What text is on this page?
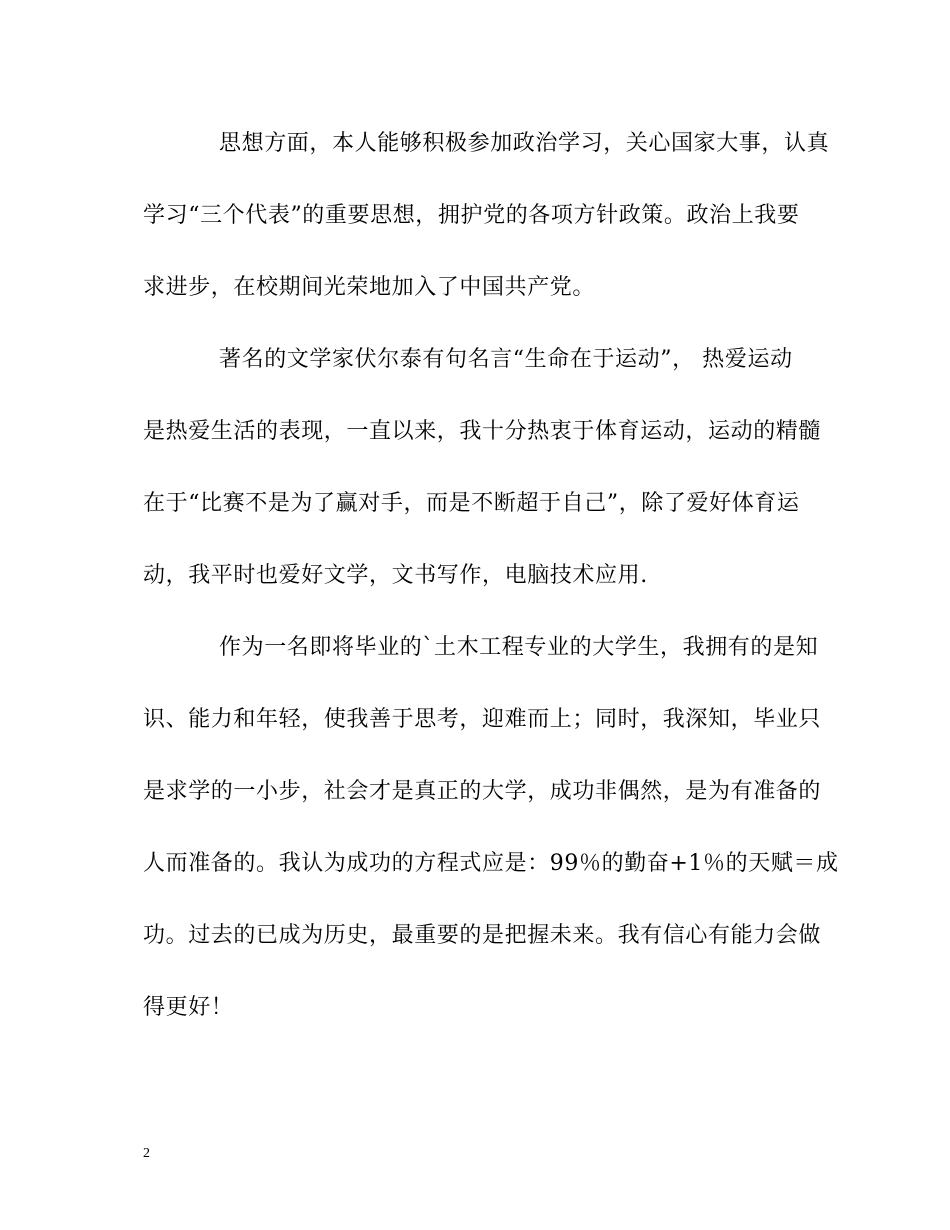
思想方面，本人能够积极参加政治学习，关心国家大事，认真
学习“三个代表”的重要思想，拥护党的各项方针政策。政治上我要
求进步，在校期间光荣地加入了中国共产党。
著名的文学家伏尔泰有句名言“生命在于运动”， 热爱运动
是热爱生活的表现，一直以来，我十分热衷于体育运动，运动的精髓
在于“比赛不是为了赢对手，而是不断超于自己”，除了爱好体育运
动，我平时也爱好文学，文书写作，电脑技术应用.
作为一名即将毕业的`土木工程专业的大学生，我拥有的是知
识、能力和年轻，使我善于思考，迎难而上；同时，我深知，毕业只
是求学的一小步，社会才是真正的大学，成功非偶然，是为有准备的
人而准备的。我认为成功的方程式应是：99％的勤奋+1％的天赋＝成
功。过去的已成为历史，最重要的是把握未来。我有信心有能力会做
得更好！
2
